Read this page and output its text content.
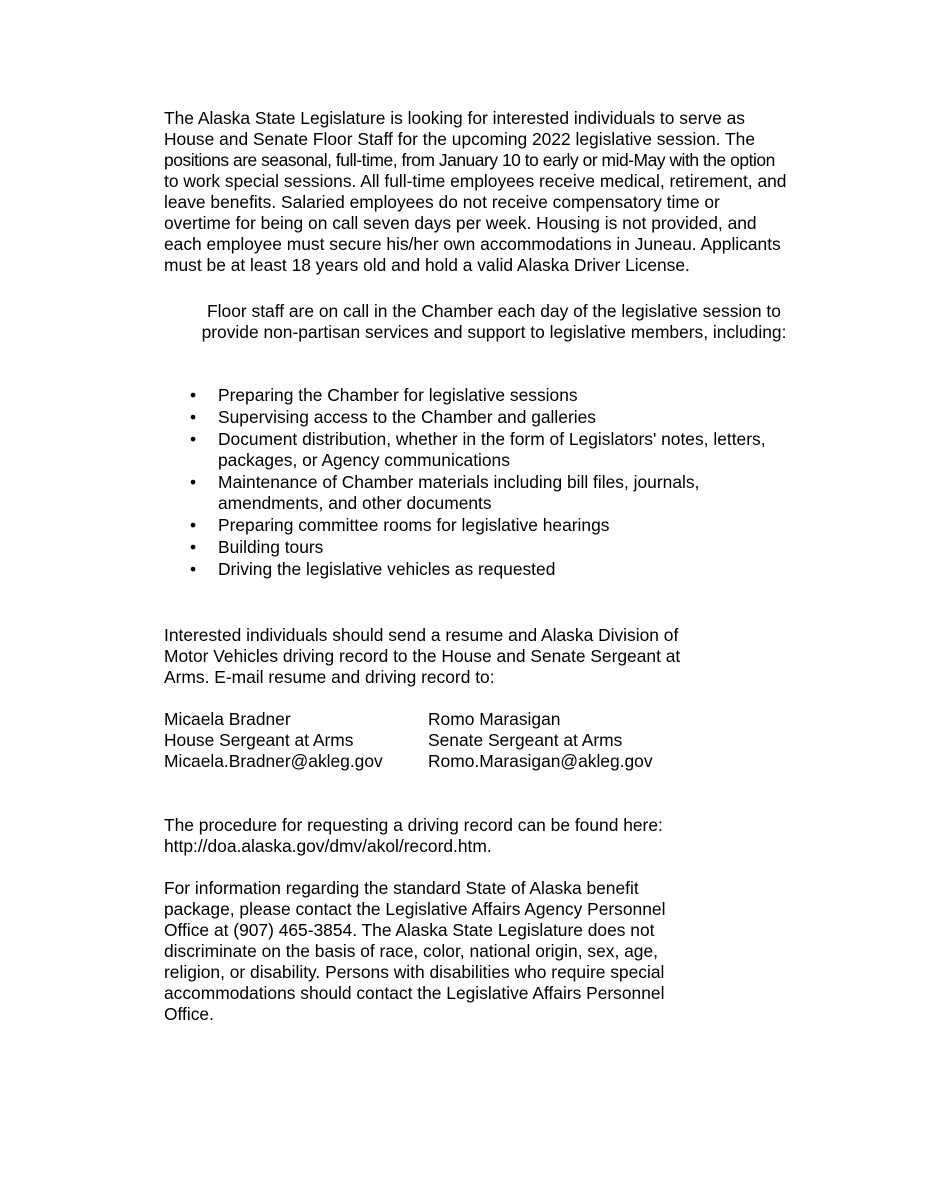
The Alaska State Legislature is looking for interested individuals to serve as
House and Senate Floor Staff for the upcoming 2022 legislative session. The
positions are seasonal, full-time, from January 10 to early or mid-May with the option
to work special sessions. All full-time employees receive medical, retirement, and
leave benefits. Salaried employees do not receive compensatory time or
overtime for being on call seven days per week. Housing is not provided, and
each employee must secure his/her own accommodations in Juneau. Applicants
must be at least 18 years old and hold a valid Alaska Driver License.

Floor staff are on call in the Chamber each day of the legislative session to
provide non-partisan services and support to legislative members, including:

• Preparing the Chamber for legislative sessions
• Supervising access to the Chamber and galleries
• Document distribution, whether in the form of Legislators' notes, letters,
packages, or Agency communications
• Maintenance of Chamber materials including bill files, journals,
amendments, and other documents
• Preparing committee rooms for legislative hearings
• Building tours
• Driving the legislative vehicles as requested

Interested individuals should send a resume and Alaska Division of
Motor Vehicles driving record to the House and Senate Sergeant at
Arms. E-mail resume and driving record to:

Micaela Bradner
House Sergeant at Arms
Micaela.Bradner@akleg.gov
Romo Marasigan
Senate Sergeant at Arms
Romo.Marasigan@akleg.gov

The procedure for requesting a driving record can be found here:
http://doa.alaska.gov/dmv/akol/record.htm.

For information regarding the standard State of Alaska benefit
package, please contact the Legislative Affairs Agency Personnel
Office at (907) 465-3854. The Alaska State Legislature does not
discriminate on the basis of race, color, national origin, sex, age,
religion, or disability. Persons with disabilities who require special
accommodations should contact the Legislative Affairs Personnel
Office.
